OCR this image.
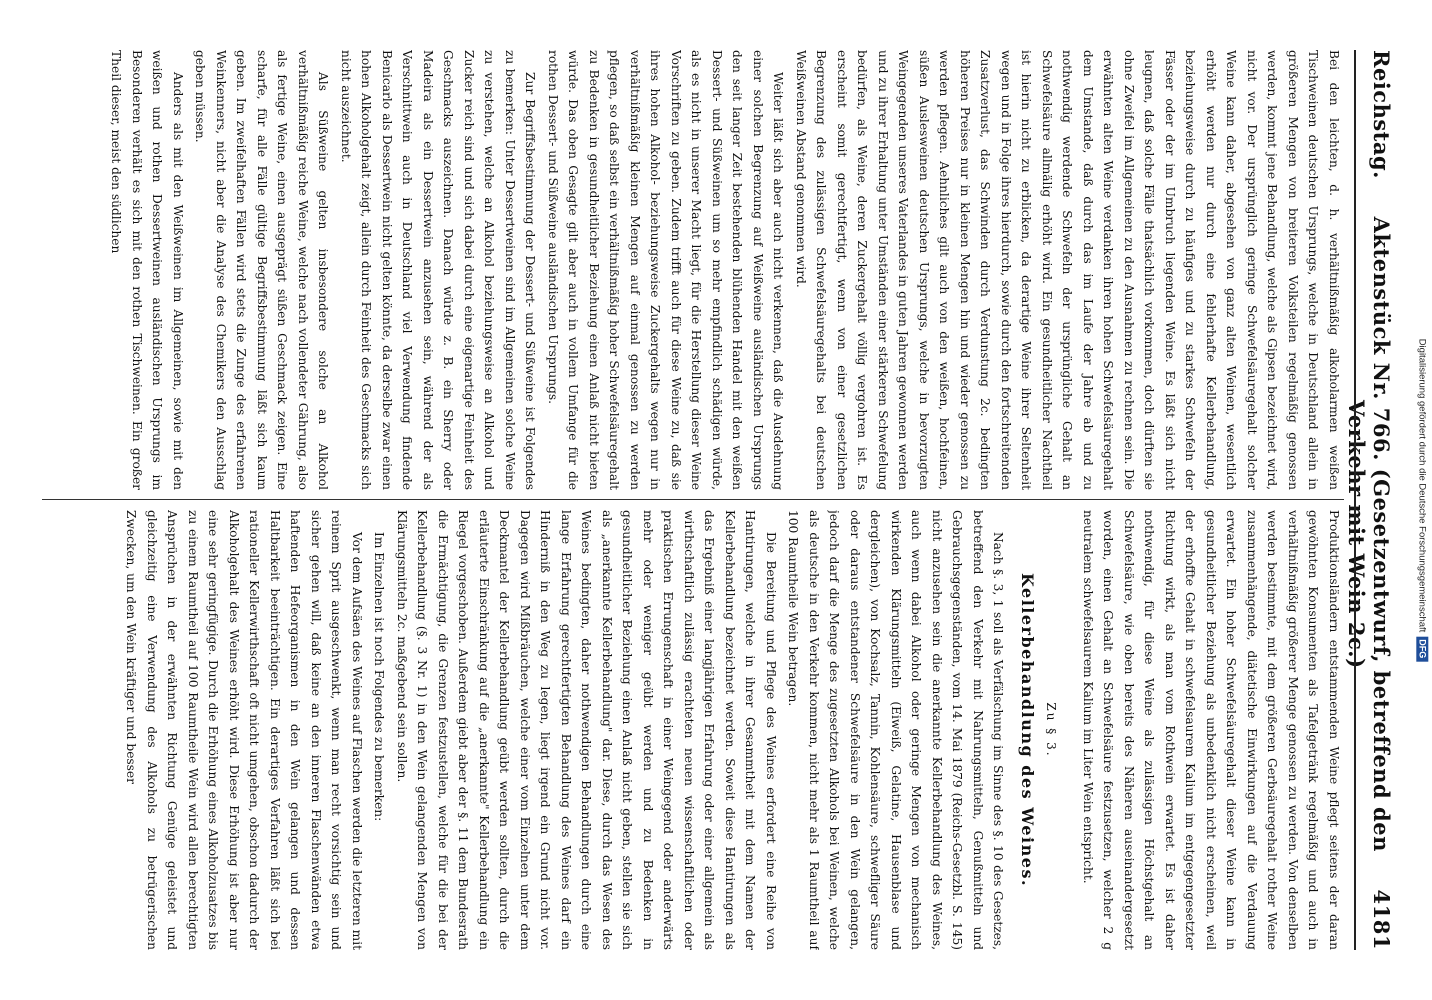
Reichstag.
Aktenstück Nr. 766. (Gesetzentwurf, betreffend den Verkehr mit Wein 2c.)
4181

Bei den leichten, d. h. verhältnißmäßig alkoholarmen weißen Tischweinen deutschen Ursprungs, welche in Deutschland allein in größeren Mengen von breiteren Volksteilen regelmäßig genossen werden, kommt jene Behandlung, welche als Gipsen bezeichnet wird, nicht vor. Der ursprünglich geringe Schwefelsäuregehalt solcher Weine kann daher, abgesehen von ganz alten Weinen, wesentlich erhöht werden nur durch eine fehlerhafte Kellerbehandlung, beziehungsweise durch zu häufiges und zu starkes Schwefeln der Fässer oder der im Umbruch liegenden Weine. Es läßt sich nicht leugnen, daß solche Fälle thatsächlich vorkommen, doch dürften sie ohne Zweifel im Allgemeinen zu den Ausnahmen zu rechnen sein. Die erwähnten alten Weine verdanken ihren hohen Schwefelsäuregehalt dem Umstande, daß durch das im Laufe der Jahre ab und zu nothwendig werdende Schwefeln der ursprüngliche Gehalt an Schwefelsäure allmälig erhöht wird. Ein gesundheitlicher Nachtheil ist hierin nicht zu erblicken, da derartige Weine ihrer Seltenheit wegen und in Folge ihres hierdurch, sowie durch den fortschreitenden Zusatzverlust, das Schwinden durch Verdunstung 2c. bedingten höheren Preises nur in kleinen Mengen hin und wieder genossen zu werden pflegen. Aehnliches gilt auch von den weißen, hochfeinen, süßen Auslesweinen deutschen Ursprungs, welche in bevorzugten Weingegenden unseres Vaterlandes in guten Jahren gewonnen werden und zu ihrer Erhaltung unter Umständen einer stärkeren Schwefelung bedürfen, als Weine, deren Zuckergehalt völlig vergohren ist. Es erscheint somit gerechtfertigt, wenn von einer gesetzlichen Begrenzung des zulässigen Schwefelsäuregehalts bei deutschen Weißweinen Abstand genommen wird.

Weiter läßt sich aber auch nicht verkennen, daß die Ausdehnung einer solchen Begrenzung auf Weißweine ausländischen Ursprungs den seit langer Zeit bestehenden blühenden Handel mit den weißen Dessert- und Süßweinen um so mehr empfindlich schädigen würde, als es nicht in unserer Macht liegt, für die Herstellung dieser Weine Vorschriften zu geben. Zudem trifft auch für diese Weine zu, daß sie ihres hohen Alkohol- beziehungsweise Zuckergehalts wegen nur in verhältnißmäßig kleinen Mengen auf einmal genossen zu werden pflegen, so daß selbst ein verhältnißmäßig hoher Schwefelsäuregehalt zu Bedenken in gesundheitlicher Beziehung einen Anlaß nicht bieten würde. Das oben Gesagte gilt aber auch in vollem Umfange für die rothen Dessert- und Süßweine ausländischen Ursprungs.

Zur Begriffsbestimmung der Dessert- und Süßweine ist Folgendes zu bemerken: Unter Dessertweinen sind im Allgemeinen solche Weine zu verstehen, welche an Alkohol beziehungsweise an Alkohol und Zucker reich sind und sich dabei durch eine eigenartige Feinheit des Geschmacks auszeichnen. Danach würde z. B. ein Sherry oder Madeira als ein Dessertwein anzusehen sein, während der als Verschnittwein auch in Deutschland viel Verwendung findende Benicarlo als Dessertwein nicht gelten könnte, da derselbe zwar einen hohen Alkoholgehalt zeigt, allein durch Feinheit des Geschmacks sich nicht auszeichnet.

Als Süßweine gelten insbesondere solche an Alkohol verhältnißmäßig reiche Weine, welche nach vollendeter Gährung, also als fertige Weine, einen ausgeprägt süßen Geschmack zeigen. Eine scharfe, für alle Fälle gültige Begriffsbestimmung läßt sich kaum geben. Im zweifelhaften Fällen wird stets die Zunge des erfahrenen Weinkenners, nicht aber die Analyse des Chemikers den Ausschlag geben müssen.

Anders als mit den Weißweinen im Allgemeinen, sowie mit den weißen und rothen Dessertweinen ausländischen Ursprungs im Besonderen verhält es sich mit den rothen Tischweinen. Ein großer Theil dieser, meist den südlichen

Produktionsländern entstammenden Weine pflegt seitens der daran gewöhnten Konsumenten als Tafelgetränk regelmäßig und auch in verhältnißmäßig größerer Menge genossen zu werden. Von denselben werden bestimmte, mit dem größeren Gerbsäuregehalt rother Weine zusammenhängende, diätetische Einwirkungen auf die Verdauung erwartet. Ein hoher Schwefelsäuregehalt dieser Weine kann in gesundheitlicher Beziehung als unbedenklich nicht erscheinen, weil der erhoffte Gehalt in schwefelsaurem Kalium im entgegengesetzter Richtung wirkt, als man vom Rothwein erwartet. Es ist daher nothwendig, für diese Weine als zulässigen Höchstgehalt an Schwefelsäure, wie oben bereits des Näheren auseinandergesetzt worden, einen Gehalt an Schwefelsäure festzusetzen, welcher 2 g neutralem schwefelsaurem Kalium im Liter Wein entspricht.

Zu § 3.
Kellerbehandlung des Weines.

Nach §. 3, 1 soll als Verfälschung im Sinne des §. 10 des Gesetzes, betreffend den Verkehr mit Nahrungsmitteln, Genußmitteln und Gebrauchsgegenständen, vom 14. Mai 1879 (Reichs-Gesetzbl. S. 145) nicht anzusehen sein die anerkannte Kellerbehandlung des Weines, auch wenn dabei Alkohol oder geringe Mengen von mechanisch wirkenden Klärungsmitteln (Eiweiß, Gelatine, Hausenblase und dergleichen), von Kochsalz, Tannin, Kohlensäure, schwefliger Säure oder daraus entstandener Schwefelsäure in den Wein gelangen, jedoch darf die Menge des zugesetzten Alkohols bei Weinen, welche als deutsche in den Verkehr kommen, nicht mehr als 1 Raumtheil auf 100 Raumtheile Wein betragen.

Die Bereitung und Pflege des Weines erfordert eine Reihe von Hantirungen, welche in ihrer Gesammtheit mit dem Namen der Kellerbehandlung bezeichnet werden. Soweit diese Hantirungen als das Ergebniß einer langjährigen Erfahrung oder einer allgemein als wirthschaftlich zulässig erachteten neuen wissenschaftlichen oder praktischen Errungenschaft in einer Weingegend oder anderwärts mehr oder weniger geübt werden und zu Bedenken in gesundheitlicher Beziehung einen Anlaß nicht geben, stellen sie sich als „anerkannte Kellerbehandlung" dar. Diese, durch das Wesen des Weines bedingten, daher nothwendigen Behandlungen durch eine lange Erfahrung gerechtfertigten Behandlung des Weines darf ein Hinderniß in den Weg zu legen, liegt irgend ein Grund nicht vor. Dagegen wird Mißbräuchen, welche einer vom Einzelnen unter dem Deckmantel der Kellerbehandlung geübt werden sollten, durch die erläuterte Einschränkung auf die „anerkannte" Kellerbehandlung ein Riegel vorgeschoben. Außerdem giebt aber der §. 11 dem Bundesrath die Ermächtigung, die Grenzen festzustellen, welche für die bei der Kellerbehandlung (§. 3 Nr. 1) in den Wein gelangenden Mengen von Klärungsmitteln 2c. maßgebend sein sollen.

Im Einzelnen ist noch Folgendes zu bemerken:

Vor dem Aufsäen des Weines auf Flaschen werden die letzteren mit reinem Sprit ausgeschwenkt, wenn man recht vorsichtig sein und sicher gehen will, daß keine an den inneren Flaschenwänden etwa haftenden Hefeorganismen in den Wein gelangen und dessen Haltbarkeit beeinträchtigen. Ein derartiges Verfahren läßt sich bei rationeller Kellerwirthschaft oft nicht umgehen, obschon dadurch der Alkoholgehalt des Weines erhöht wird. Diese Erhöhung ist aber nur eine sehr geringfügige. Durch die Erhöhung eines Alkoholzusatzes bis zu einem Raumtheil auf 100 Raumtheile Wein wird allen berechtigten Ansprüchen in der erwähnten Richtung Genüge geleistet und gleichzeitig eine Verwendung des Alkohols zu betrügerischen Zwecken, um den Wein kräftiger und besser

Digitalisierung gefördert durch die Deutsche Forschungsgemeinschaft
DFG
